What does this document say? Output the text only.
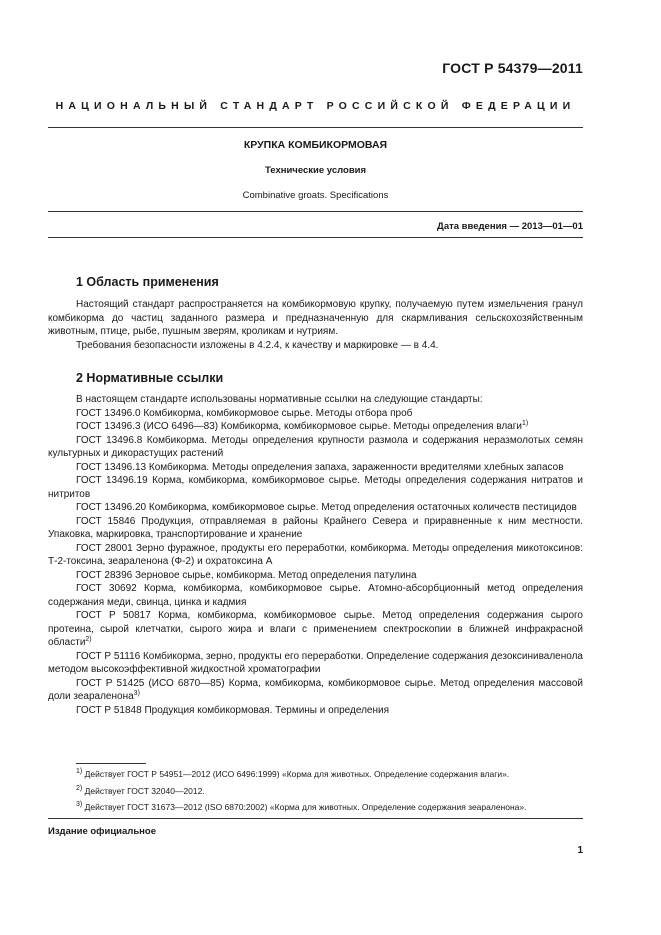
ГОСТ Р 54379—2011
НАЦИОНАЛЬНЫЙ СТАНДАРТ РОССИЙСКОЙ ФЕДЕРАЦИИ
КРУПКА КОМБИКОРМОВАЯ
Технические условия
Combinative groats. Specifications
Дата введения — 2013—01—01
1 Область применения

Настоящий стандарт распространяется на комбикормовую крупку, получаемую путем измельчения гранул комбикорма до частиц заданного размера и предназначенную для скармливания сельскохозяйственным животным, птице, рыбе, пушным зверям, кроликам и нутриям.

Требования безопасности изложены в 4.2.4, к качеству и маркировке — в 4.4.

2 Нормативные ссылки

В настоящем стандарте использованы нормативные ссылки на следующие стандарты:

ГОСТ 13496.0 Комбикорма, комбикормовое сырье. Методы отбора проб

ГОСТ 13496.3 (ИСО 6496—83) Комбикорма, комбикормовое сырье. Методы определения влаги$^{1)}$

ГОСТ 13496.8 Комбикорма. Методы определения крупности размола и содержания неразмолотых семян культурных и дикорастущих растений

ГОСТ 13496.13 Комбикорма. Методы определения запаха, зараженности вредителями хлебных запасов

ГОСТ 13496.19 Корма, комбикорма, комбикормовое сырье. Методы определения содержания нитратов и нитритов

ГОСТ 13496.20 Комбикорма, комбикормовое сырье. Метод определения остаточных количеств пестицидов

ГОСТ 15846 Продукция, отправляемая в районы Крайнего Севера и приравненные к ним местности. Упаковка, маркировка, транспортирование и хранение

ГОСТ 28001 Зерно фуражное, продукты его переработки, комбикорма. Методы определения микотоксинов: Т-2-токсина, зеараленона (Ф-2) и охратоксина А

ГОСТ 28396 Зерновое сырье, комбикорма. Метод определения патулина

ГОСТ 30692 Корма, комбикорма, комбикормовое сырье. Атомно-абсорбционный метод определения содержания меди, свинца, цинка и кадмия

ГОСТ Р 50817 Корма, комбикорма, комбикормовое сырье. Метод определения содержания сырого протеина, сырой клетчатки, сырого жира и влаги с применением спектроскопии в ближней инфракрасной области$^{2)}$

ГОСТ Р 51116 Комбикорма, зерно, продукты его переработки. Определение содержания дезоксиниваленола методом высокоэффективной жидкостной хроматографии

ГОСТ Р 51425 (ИСО 6870—85) Корма, комбикорма, комбикормовое сырье. Метод определения массовой доли зеараленона$^{3)}$

ГОСТ Р 51848 Продукция комбикормовая. Термины и определения

$^{1)}$ Действует ГОСТ Р 54951—2012 (ИСО 6496:1999) «Корма для животных. Определение содержания влаги».
$^{2)}$ Действует ГОСТ 32040—2012.
$^{3)}$ Действует ГОСТ 31673—2012 (ISO 6870:2002) «Корма для животных. Определение содержания зеараленона».
Издание официальное
1
